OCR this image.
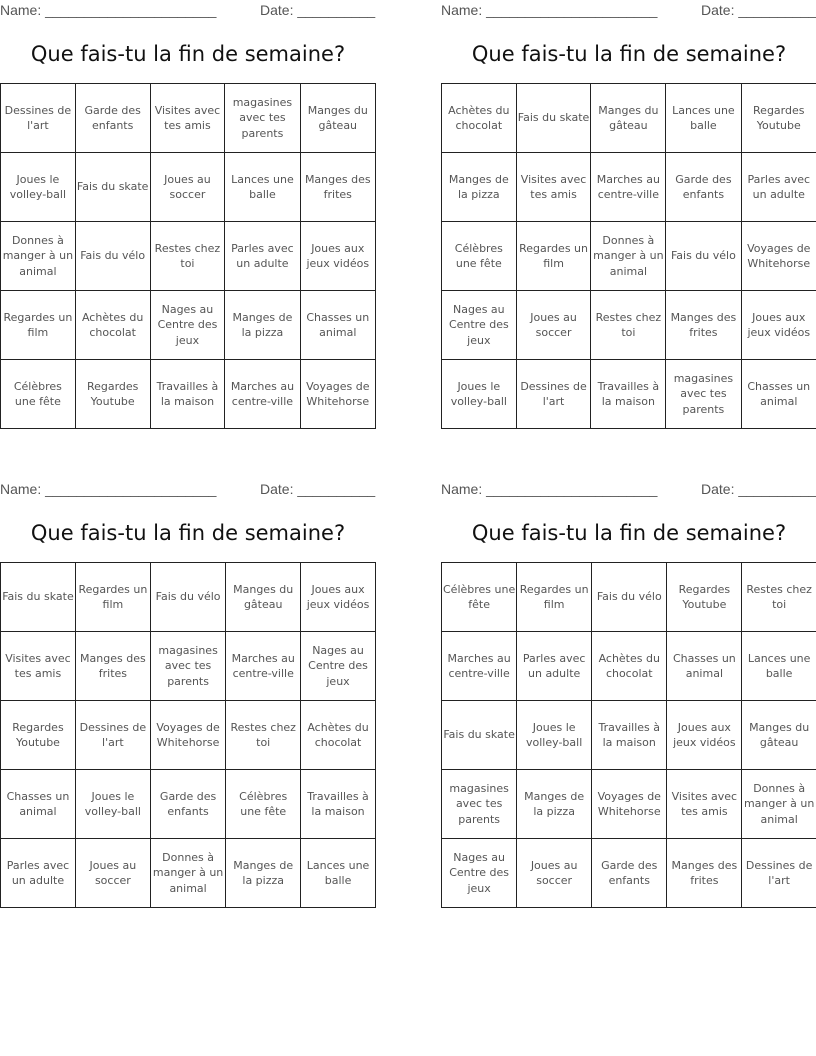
Name: ______________________	Date: __________
Que fais-tu la fin de semaine?
Dessines de l'art	Garde des enfants	Visites avec tes amis	magasines avec tes parents	Manges du gâteau
Joues le volley-ball	Fais du skate	Joues au soccer	Lances une balle	Manges des frites
Donnes à manger à un animal	Fais du vélo	Restes chez toi	Parles avec un adulte	Joues aux jeux vidéos
Regardes un film	Achètes du chocolat	Nages au Centre des jeux	Manges de la pizza	Chasses un animal
Célèbres une fête	Regardes Youtube	Travailles à la maison	Marches au centre-ville	Voyages de Whitehorse
Name: ______________________	Date: __________
Que fais-tu la fin de semaine?
Achètes du chocolat	Fais du skate	Manges du gâteau	Lances une balle	Regardes Youtube
Manges de la pizza	Visites avec tes amis	Marches au centre-ville	Garde des enfants	Parles avec un adulte
Célèbres une fête	Regardes un film	Donnes à manger à un animal	Fais du vélo	Voyages de Whitehorse
Nages au Centre des jeux	Joues au soccer	Restes chez toi	Manges des frites	Joues aux jeux vidéos
Joues le volley-ball	Dessines de l'art	Travailles à la maison	magasines avec tes parents	Chasses un animal
Name: ______________________	Date: __________
Que fais-tu la fin de semaine?
Fais du skate	Regardes un film	Fais du vélo	Manges du gâteau	Joues aux jeux vidéos
Visites avec tes amis	Manges des frites	magasines avec tes parents	Marches au centre-ville	Nages au Centre des jeux
Regardes Youtube	Dessines de l'art	Voyages de Whitehorse	Restes chez toi	Achètes du chocolat
Chasses un animal	Joues le volley-ball	Garde des enfants	Célèbres une fête	Travailles à la maison
Parles avec un adulte	Joues au soccer	Donnes à manger à un animal	Manges de la pizza	Lances une balle
Name: ______________________	Date: __________
Que fais-tu la fin de semaine?
Célèbres une fête	Regardes un film	Fais du vélo	Regardes Youtube	Restes chez toi
Marches au centre-ville	Parles avec un adulte	Achètes du chocolat	Chasses un animal	Lances une balle
Fais du skate	Joues le volley-ball	Travailles à la maison	Joues aux jeux vidéos	Manges du gâteau
magasines avec tes parents	Manges de la pizza	Voyages de Whitehorse	Visites avec tes amis	Donnes à manger à un animal
Nages au Centre des jeux	Joues au soccer	Garde des enfants	Manges des frites	Dessines de l'art
